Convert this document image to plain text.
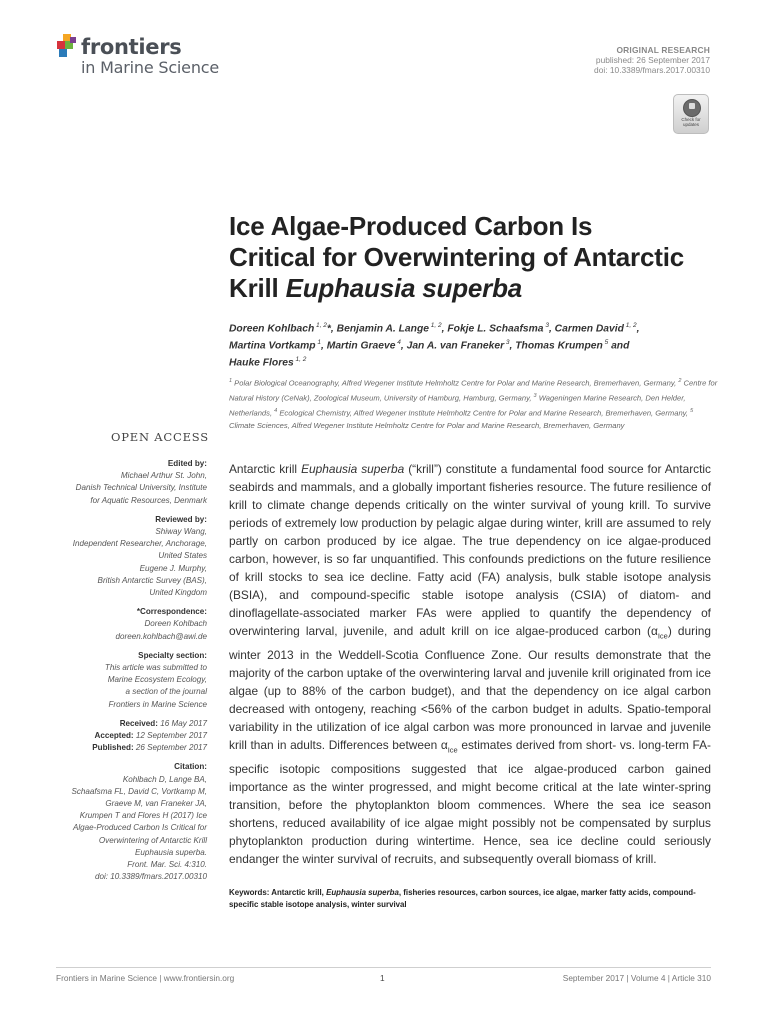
frontiers
in Marine Science
ORIGINAL RESEARCH
published: 26 September 2017
doi: 10.3389/fmars.2017.00310
Check for
updates
Ice Algae-Produced Carbon Is
Critical for Overwintering of Antarctic
Krill Euphausia superba
Doreen Kohlbach $^{1, 2}$*, Benjamin A. Lange $^{1, 2}$, Fokje L. Schaafsma $^3$, Carmen David $^{1, 2}$,
Martina Vortkamp $^1$, Martin Graeve $^4$, Jan A. van Franeker $^3$, Thomas Krumpen $^5$ and
Hauke Flores $^{1, 2}$
$^1$ Polar Biological Oceanography, Alfred Wegener Institute Helmholtz Centre for Polar and Marine Research, Bremerhaven, Germany, $^2$ Centre for Natural History (CeNak), Zoological Museum, University of Hamburg, Hamburg, Germany, $^3$ Wageningen Marine Research, Den Helder, Netherlands, $^4$ Ecological Chemistry, Alfred Wegener Institute Helmholtz Centre for Polar and Marine Research, Bremerhaven, Germany, $^5$ Climate Sciences, Alfred Wegener Institute Helmholtz Centre for Polar and Marine Research, Bremerhaven, Germany
OPEN ACCESS
Edited by:
Michael Arthur St. John,
Danish Technical University, Institute
for Aquatic Resources, Denmark
Reviewed by:
Shiway Wang,
Independent Researcher, Anchorage,
United States
Eugene J. Murphy,
British Antarctic Survey (BAS),
United Kingdom
*Correspondence:
Doreen Kohlbach
doreen.kohlbach@awi.de
Specialty section:
This article was submitted to
Marine Ecosystem Ecology,
a section of the journal
Frontiers in Marine Science
Received: 16 May 2017
Accepted: 12 September 2017
Published: 26 September 2017
Citation:
Kohlbach D, Lange BA,
Schaafsma FL, David C, Vortkamp M,
Graeve M, van Franeker JA,
Krumpen T and Flores H (2017) Ice
Algae-Produced Carbon Is Critical for
Overwintering of Antarctic Krill
Euphausia superba.
Front. Mar. Sci. 4:310.
doi: 10.3389/fmars.2017.00310
Antarctic krill Euphausia superba (“krill”) constitute a fundamental food source for Antarctic seabirds and mammals, and a globally important fisheries resource. The future resilience of krill to climate change depends critically on the winter survival of young krill. To survive periods of extremely low production by pelagic algae during winter, krill are assumed to rely partly on carbon produced by ice algae. The true dependency on ice algae-produced carbon, however, is so far unquantified. This confounds predictions on the future resilience of krill stocks to sea ice decline. Fatty acid (FA) analysis, bulk stable isotope analysis (BSIA), and compound-specific stable isotope analysis (CSIA) of diatom- and dinoflagellate-associated marker FAs were applied to quantify the dependency of overwintering larval, juvenile, and adult krill on ice algae-produced carbon $(\alpha_{Ice})$ during winter 2013 in the Weddell-Scotia Confluence Zone. Our results demonstrate that the majority of the carbon uptake of the overwintering larval and juvenile krill originated from ice algae (up to 88% of the carbon budget), and that the dependency on ice algal carbon decreased with ontogeny, reaching <56% of the carbon budget in adults. Spatio-temporal variability in the utilization of ice algal carbon was more pronounced in larvae and juvenile krill than in adults. Differences between $\alpha_{Ice}$ estimates derived from short- vs. long-term FA-specific isotopic compositions suggested that ice algae-produced carbon gained importance as the winter progressed, and might become critical at the late winter-spring transition, before the phytoplankton bloom commences. Where the sea ice season shortens, reduced availability of ice algae might possibly not be compensated by surplus phytoplankton production during wintertime. Hence, sea ice decline could seriously endanger the winter survival of recruits, and subsequently overall biomass of krill.
Keywords: Antarctic krill, Euphausia superba, fisheries resources, carbon sources, ice algae, marker fatty acids, compound-specific stable isotope analysis, winter survival
Frontiers in Marine Science | www.frontiersin.org	1	September 2017 | Volume 4 | Article 310
